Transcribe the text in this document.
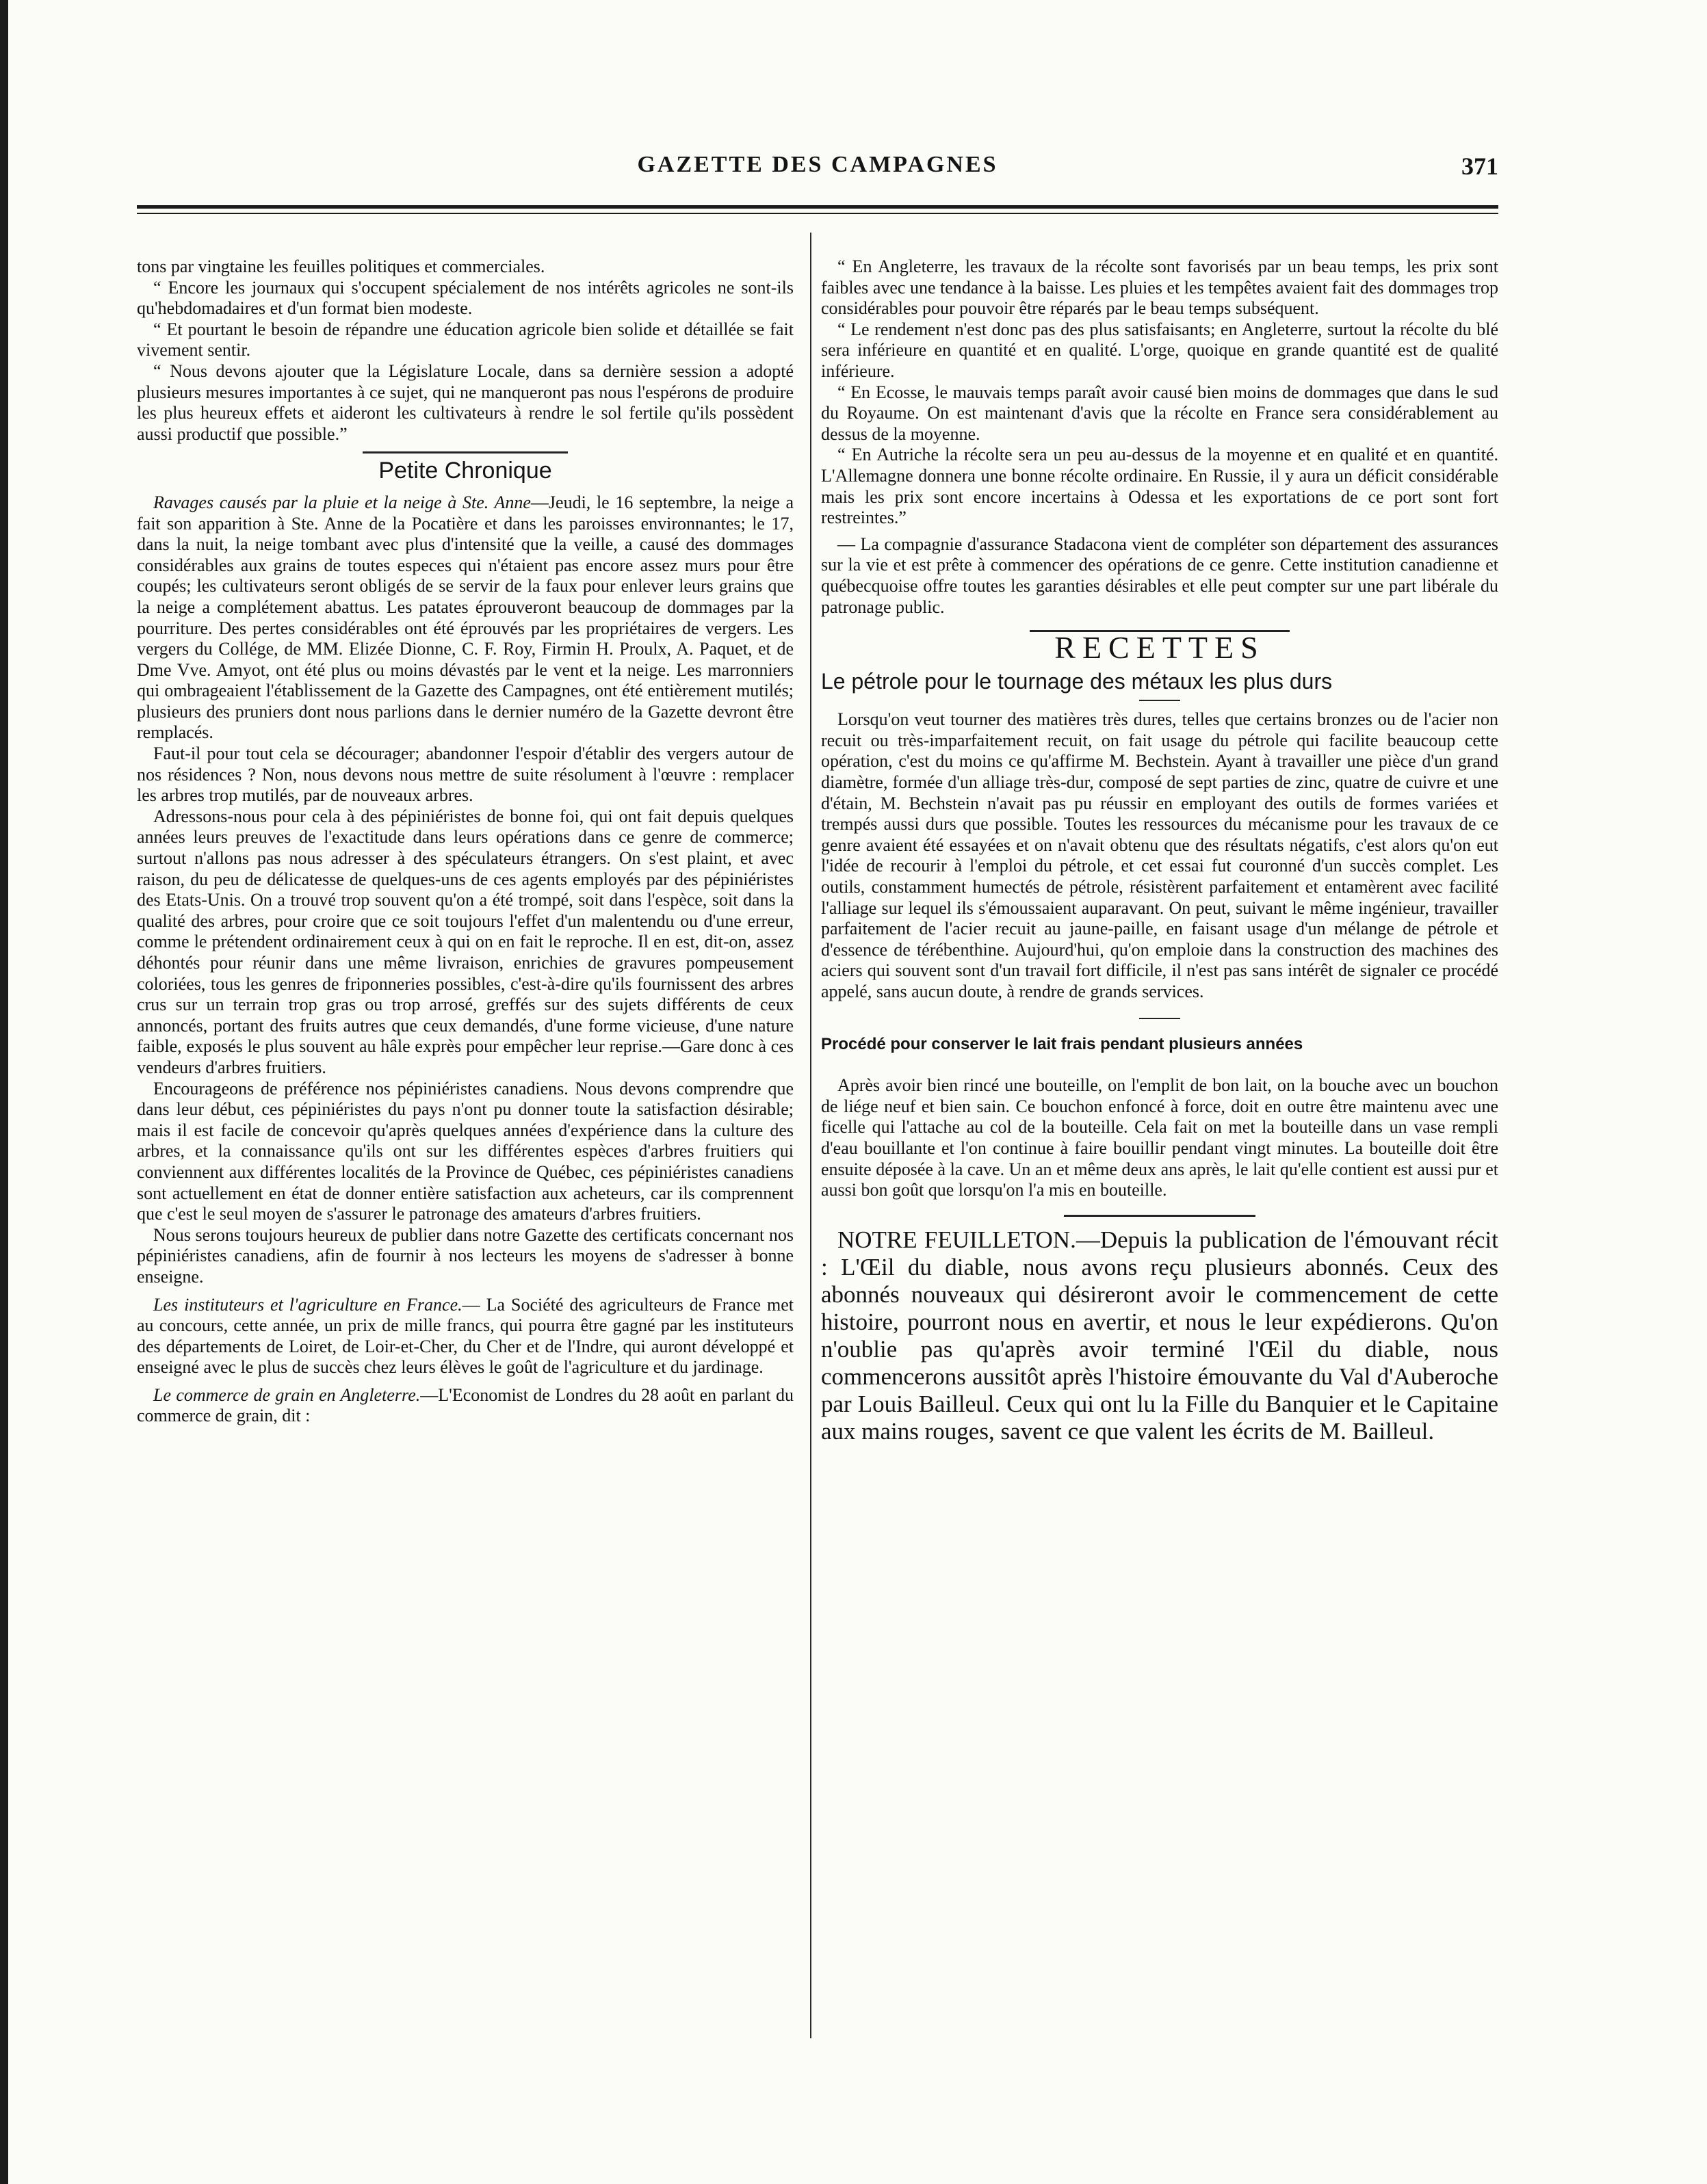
GAZETTE DES CAMPAGNES	371

tons par vingtaine les feuilles politiques et commerciales.

“ Encore les journaux qui s'occupent spécialement de nos intérêts agricoles ne sont-ils qu'hebdomadaires et d'un format bien modeste.

“ Et pourtant le besoin de répandre une éducation agricole bien solide et détaillée se fait vivement sentir.

“ Nous devons ajouter que la Législature Locale, dans sa dernière session a adopté plusieurs mesures importantes à ce sujet, qui ne manqueront pas nous l'espérons de produire les plus heureux effets et aideront les cultivateurs à rendre le sol fertile qu'ils possèdent aussi productif que possible.”

Petite Chronique

Ravages causés par la pluie et la neige à Ste. Anne—Jeudi, le 16 septembre, la neige a fait son apparition à Ste. Anne de la Pocatière et dans les paroisses environnantes; le 17, dans la nuit, la neige tombant avec plus d'intensité que la veille, a causé des dommages considérables aux grains de toutes especes qui n'étaient pas encore assez murs pour être coupés; les cultivateurs seront obligés de se servir de la faux pour enlever leurs grains que la neige a complétement abattus. Les patates éprouveront beaucoup de dommages par la pourriture. Des pertes considérables ont été éprouvés par les propriétaires de vergers. Les vergers du Collége, de MM. Elizée Dionne, C. F. Roy, Firmin H. Proulx, A. Paquet, et de Dme Vve. Amyot, ont été plus ou moins dévastés par le vent et la neige. Les marronniers qui ombrageaient l'établissement de la Gazette des Campagnes, ont été entièrement mutilés; plusieurs des pruniers dont nous parlions dans le dernier numéro de la Gazette devront être remplacés.

Faut-il pour tout cela se décourager; abandonner l'espoir d'établir des vergers autour de nos résidences ? Non, nous devons nous mettre de suite résolument à l'œuvre : remplacer les arbres trop mutilés, par de nouveaux arbres.

Adressons-nous pour cela à des pépiniéristes de bonne foi, qui ont fait depuis quelques années leurs preuves de l'exactitude dans leurs opérations dans ce genre de commerce; surtout n'allons pas nous adresser à des spéculateurs étrangers. On s'est plaint, et avec raison, du peu de délicatesse de quelques-uns de ces agents employés par des pépiniéristes des Etats-Unis. On a trouvé trop souvent qu'on a été trompé, soit dans l'espèce, soit dans la qualité des arbres, pour croire que ce soit toujours l'effet d'un malentendu ou d'une erreur, comme le prétendent ordinairement ceux à qui on en fait le reproche. Il en est, dit-on, assez déhontés pour réunir dans une même livraison, enrichies de gravures pompeusement coloriées, tous les genres de friponneries possibles, c'est-à-dire qu'ils fournissent des arbres crus sur un terrain trop gras ou trop arrosé, greffés sur des sujets différents de ceux annoncés, portant des fruits autres que ceux demandés, d'une forme vicieuse, d'une nature faible, exposés le plus souvent au hâle exprès pour empêcher leur reprise.—Gare donc à ces vendeurs d'arbres fruitiers.

Encourageons de préférence nos pépiniéristes canadiens. Nous devons comprendre que dans leur début, ces pépiniéristes du pays n'ont pu donner toute la satisfaction désirable; mais il est facile de concevoir qu'après quelques années d'expérience dans la culture des arbres, et la connaissance qu'ils ont sur les différentes espèces d'arbres fruitiers qui conviennent aux différentes localités de la Province de Québec, ces pépiniéristes canadiens sont actuellement en état de donner entière satisfaction aux acheteurs, car ils comprennent que c'est le seul moyen de s'assurer le patronage des amateurs d'arbres fruitiers.

Nous serons toujours heureux de publier dans notre Gazette des certificats concernant nos pépiniéristes canadiens, afin de fournir à nos lecteurs les moyens de s'adresser à bonne enseigne.

Les instituteurs et l'agriculture en France.— La Société des agriculteurs de France met au concours, cette année, un prix de mille francs, qui pourra être gagné par les instituteurs des départements de Loiret, de Loir-et-Cher, du Cher et de l'Indre, qui auront développé et enseigné avec le plus de succès chez leurs élèves le goût de l'agriculture et du jardinage.

Le commerce de grain en Angleterre.—L'Economist de Londres du 28 août en parlant du commerce de grain, dit :

“ En Angleterre, les travaux de la récolte sont favorisés par un beau temps, les prix sont faibles avec une tendance à la baisse. Les pluies et les tempêtes avaient fait des dommages trop considérables pour pouvoir être réparés par le beau temps subséquent.

“ Le rendement n'est donc pas des plus satisfaisants; en Angleterre, surtout la récolte du blé sera inférieure en quantité et en qualité. L'orge, quoique en grande quantité est de qualité inférieure.

“ En Ecosse, le mauvais temps paraît avoir causé bien moins de dommages que dans le sud du Royaume. On est maintenant d'avis que la récolte en France sera considérablement au dessus de la moyenne.

“ En Autriche la récolte sera un peu au-dessus de la moyenne et en qualité et en quantité. L'Allemagne donnera une bonne récolte ordinaire. En Russie, il y aura un déficit considérable mais les prix sont encore incertains à Odessa et les exportations de ce port sont fort restreintes.”

— La compagnie d'assurance Stadacona vient de compléter son département des assurances sur la vie et est prête à commencer des opérations de ce genre. Cette institution canadienne et québecquoise offre toutes les garanties désirables et elle peut compter sur une part libérale du patronage public.

RECETTES
Le pétrole pour le tournage des métaux les plus durs

Lorsqu'on veut tourner des matières très dures, telles que certains bronzes ou de l'acier non recuit ou très-imparfaitement recuit, on fait usage du pétrole qui facilite beaucoup cette opération, c'est du moins ce qu'affirme M. Bechstein. Ayant à travailler une pièce d'un grand diamètre, formée d'un alliage très-dur, composé de sept parties de zinc, quatre de cuivre et une d'étain, M. Bechstein n'avait pas pu réussir en employant des outils de formes variées et trempés aussi durs que possible. Toutes les ressources du mécanisme pour les travaux de ce genre avaient été essayées et on n'avait obtenu que des résultats négatifs, c'est alors qu'on eut l'idée de recourir à l'emploi du pétrole, et cet essai fut couronné d'un succès complet. Les outils, constamment humectés de pétrole, résistèrent parfaitement et entamèrent avec facilité l'alliage sur lequel ils s'émoussaient auparavant. On peut, suivant le même ingénieur, travailler parfaitement de l'acier recuit au jaune-paille, en faisant usage d'un mélange de pétrole et d'essence de térébenthine. Aujourd'hui, qu'on emploie dans la construction des machines des aciers qui souvent sont d'un travail fort difficile, il n'est pas sans intérêt de signaler ce procédé appelé, sans aucun doute, à rendre de grands services.

Procédé pour conserver le lait frais pendant plusieurs années

Après avoir bien rincé une bouteille, on l'emplit de bon lait, on la bouche avec un bouchon de liége neuf et bien sain. Ce bouchon enfoncé à force, doit en outre être maintenu avec une ficelle qui l'attache au col de la bouteille. Cela fait on met la bouteille dans un vase rempli d'eau bouillante et l'on continue à faire bouillir pendant vingt minutes. La bouteille doit être ensuite déposée à la cave. Un an et même deux ans après, le lait qu'elle contient est aussi pur et aussi bon goût que lorsqu'on l'a mis en bouteille.

NOTRE FEUILLETON.—Depuis la publication de l'émouvant récit : L'Œil du diable, nous avons reçu plusieurs abonnés. Ceux des abonnés nouveaux qui désireront avoir le commencement de cette histoire, pourront nous en avertir, et nous le leur expédierons. Qu'on n'oublie pas qu'après avoir terminé l'Œil du diable, nous commencerons aussitôt après l'histoire émouvante du Val d'Auberoche par Louis Bailleul. Ceux qui ont lu la Fille du Banquier et le Capitaine aux mains rouges, savent ce que valent les écrits de M. Bailleul.
